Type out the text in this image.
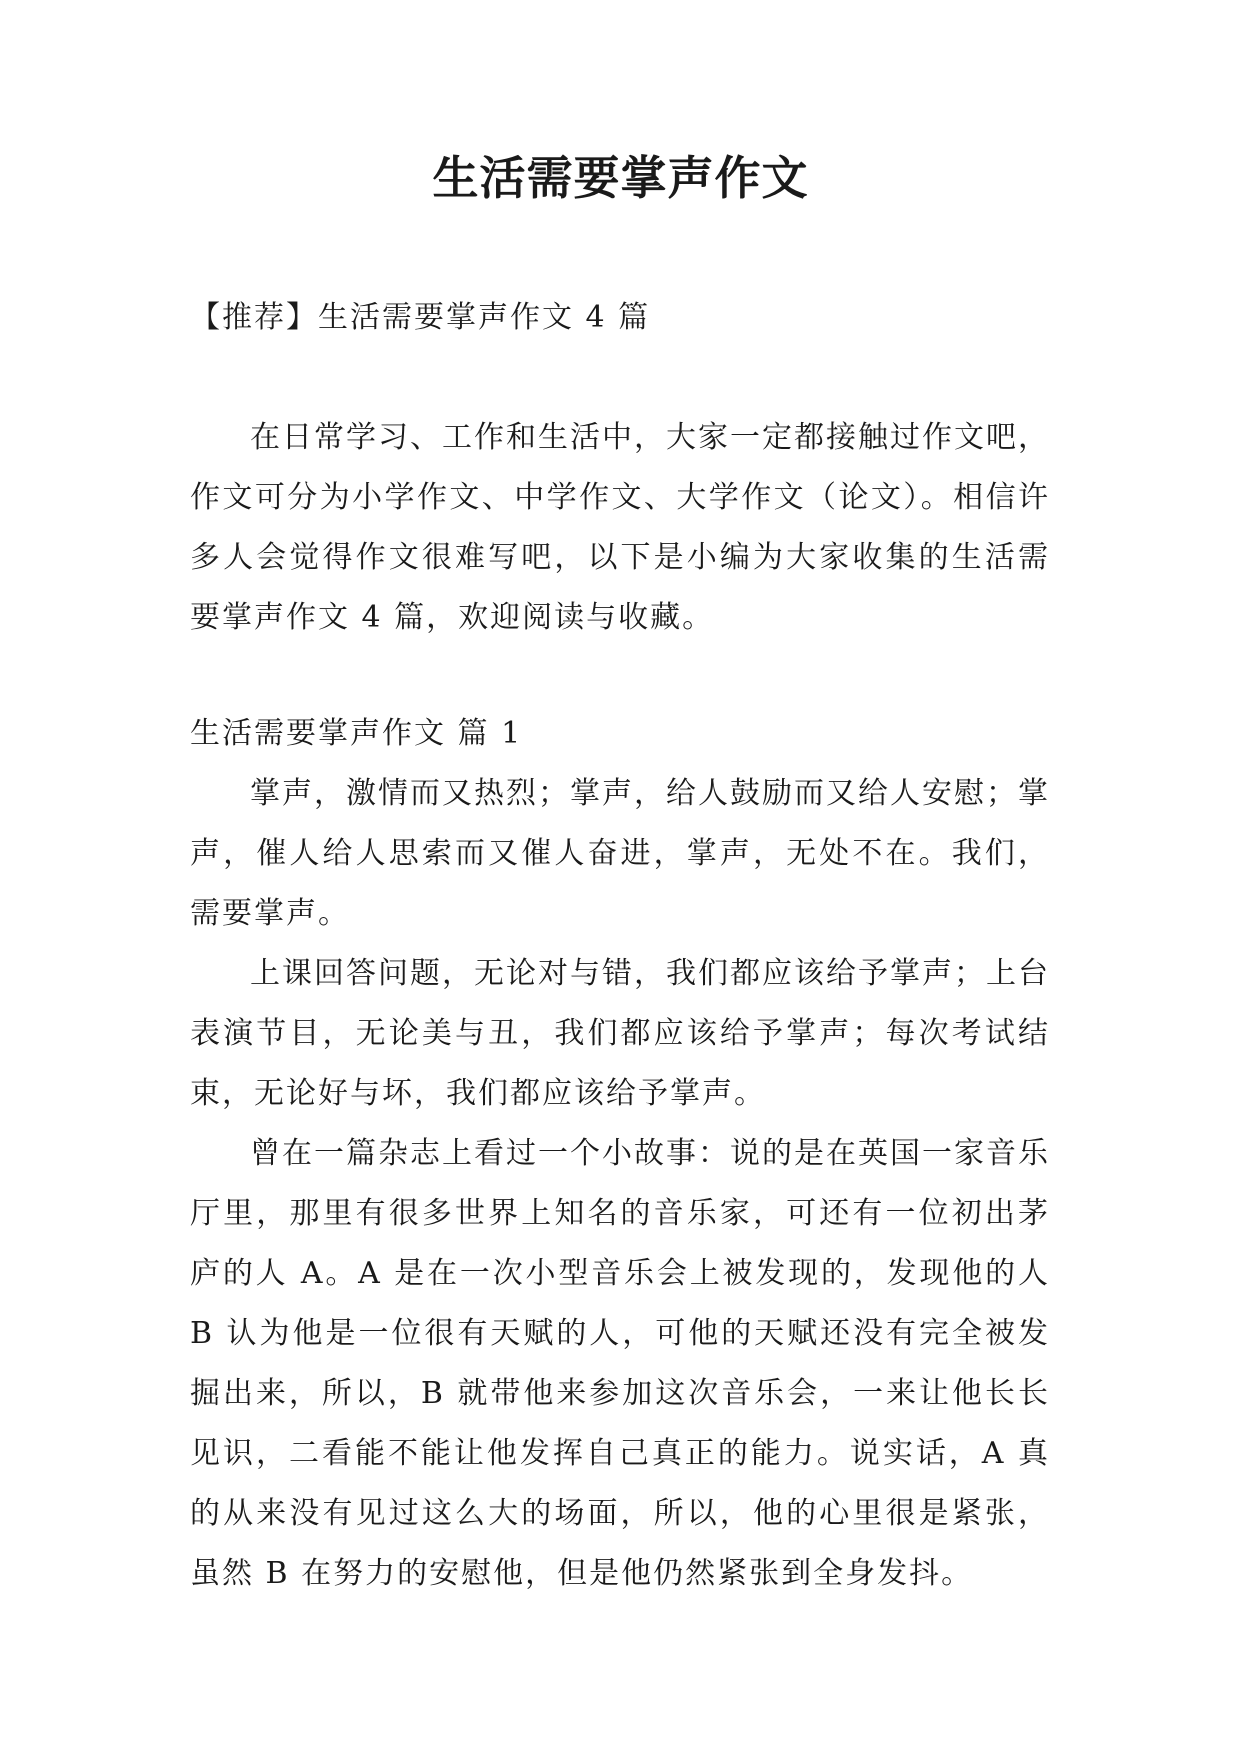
生活需要掌声作文

【推荐】生活需要掌声作文 4 篇

在日常学习、工作和生活中，大家一定都接触过作文吧，作文可分为小学作文、中学作文、大学作文（论文）。相信许多人会觉得作文很难写吧，以下是小编为大家收集的生活需要掌声作文 4 篇，欢迎阅读与收藏。

生活需要掌声作文 篇 1

掌声，激情而又热烈；掌声，给人鼓励而又给人安慰；掌声，催人给人思索而又催人奋进，掌声，无处不在。我们，需要掌声。

上课回答问题，无论对与错，我们都应该给予掌声；上台表演节目，无论美与丑，我们都应该给予掌声；每次考试结束，无论好与坏，我们都应该给予掌声。

曾在一篇杂志上看过一个小故事：说的是在英国一家音乐厅里，那里有很多世界上知名的音乐家，可还有一位初出茅庐的人 A。A 是在一次小型音乐会上被发现的，发现他的人 B 认为他是一位很有天赋的人，可他的天赋还没有完全被发掘出来，所以，B 就带他来参加这次音乐会，一来让他长长见识，二看能不能让他发挥自己真正的能力。说实话，A 真的从来没有见过这么大的场面，所以，他的心里很是紧张，虽然 B 在努力的安慰他，但是他仍然紧张到全身发抖。
